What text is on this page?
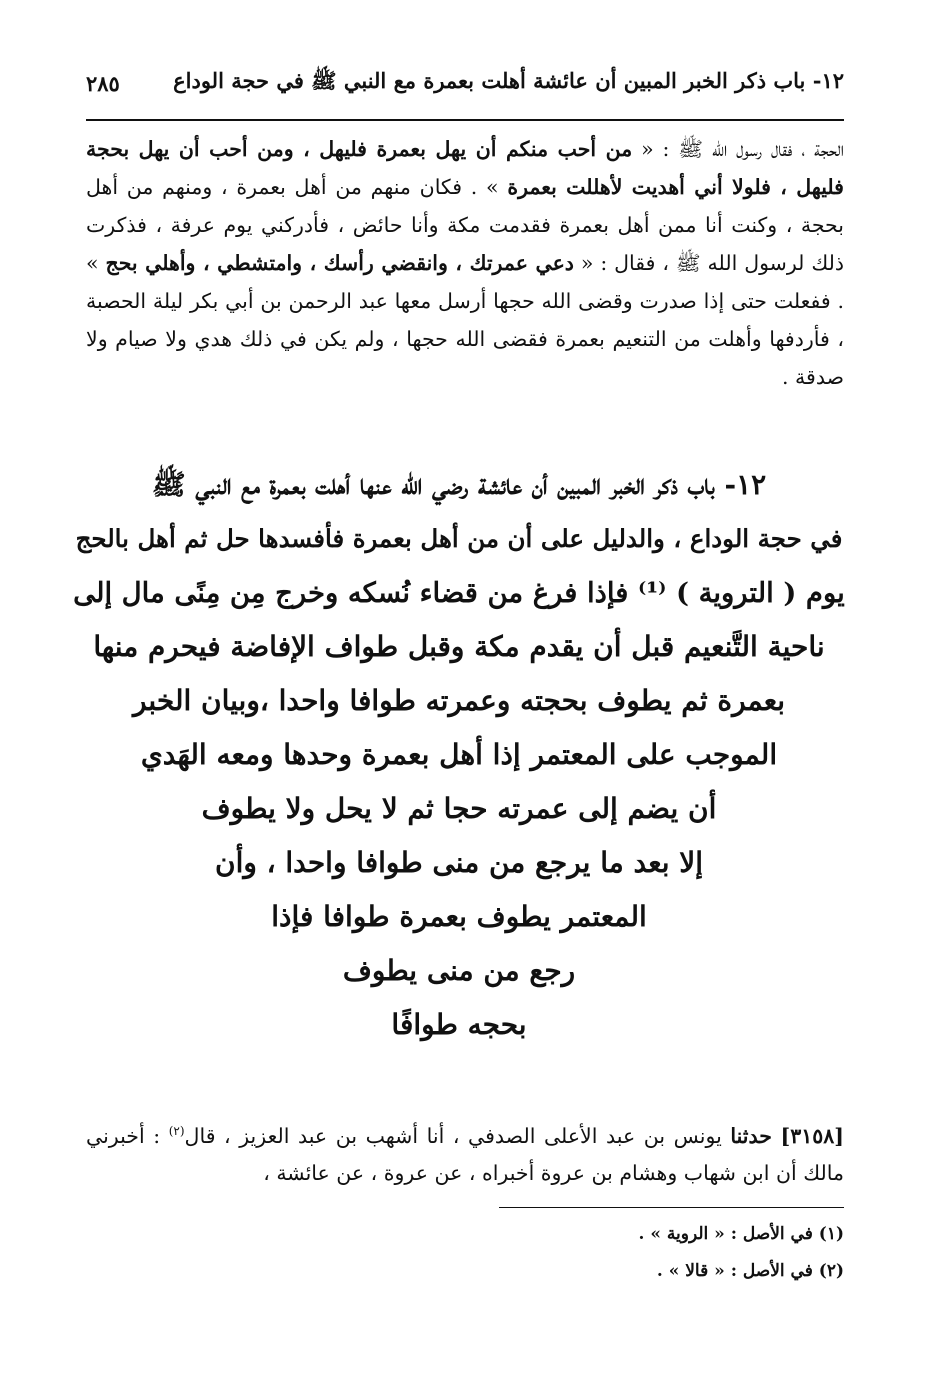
١٢- باب ذكر الخبر المبين أن عائشة أهلت بعمرة مع النبي ﷺ في حجة الوداع
٢٨٥
الحجة ، فقال رسول الله ﷺ : « من أحب منكم أن يهل بعمرة فليهل ، ومن أحب أن يهل بحجة فليهل ، فلولا أني أهديت لأهللت بعمرة » . فكان منهم من أهل بعمرة ، ومنهم من أهل بحجة ، وكنت أنا ممن أهل بعمرة فقدمت مكة وأنا حائض ، فأدركني يوم عرفة ، فذكرت ذلك لرسول الله ﷺ ، فقال : « دعي عمرتك ، وانقضي رأسك ، وامتشطي ، وأهلي بحج » . ففعلت حتى إذا صدرت وقضى الله حجها أرسل معها عبد الرحمن بن أبي بكر ليلة الحصبة ، فأردفها وأهلت من التنعيم بعمرة فقضى الله حجها ، ولم يكن في ذلك هدي ولا صيام ولا صدقة .
١٢- باب ذكر الخبر المبين أن عائشة رضي الله عنها أهلت بعمرة مع النبي ﷺ
في حجة الوداع ، والدليل على أن من أهل بعمرة فأفسدها حل ثم أهل بالحج
يوم ( التروية ) ⁽¹⁾ فإذا فرغ من قضاء نُسكه وخرج مِن مِنًى مال إلى
ناحية التَّنعيم قبل أن يقدم مكة وقبل طواف الإفاضة فيحرم منها
بعمرة ثم يطوف بحجته وعمرته طوافا واحدا ،وبيان الخبر
الموجب على المعتمر إذا أهل بعمرة وحدها ومعه الهَدي
أن يضم إلى عمرته حجا ثم لا يحل ولا يطوف
إلا بعد ما يرجع من منى طوافا واحدا ، وأن
المعتمر يطوف بعمرة طوافا فإذا
رجع من منى يطوف
بحجه طوافًا
[٣١٥٨] حدثنا يونس بن عبد الأعلى الصدفي ، أنا أشهب بن عبد العزيز ، قال$^{(٢)}$ : أخبرني مالك أن ابن شهاب وهشام بن عروة أخبراه ، عن عروة ، عن عائشة ،
(١) في الأصل : « الروية » .
(٢) في الأصل : « قالا » .
